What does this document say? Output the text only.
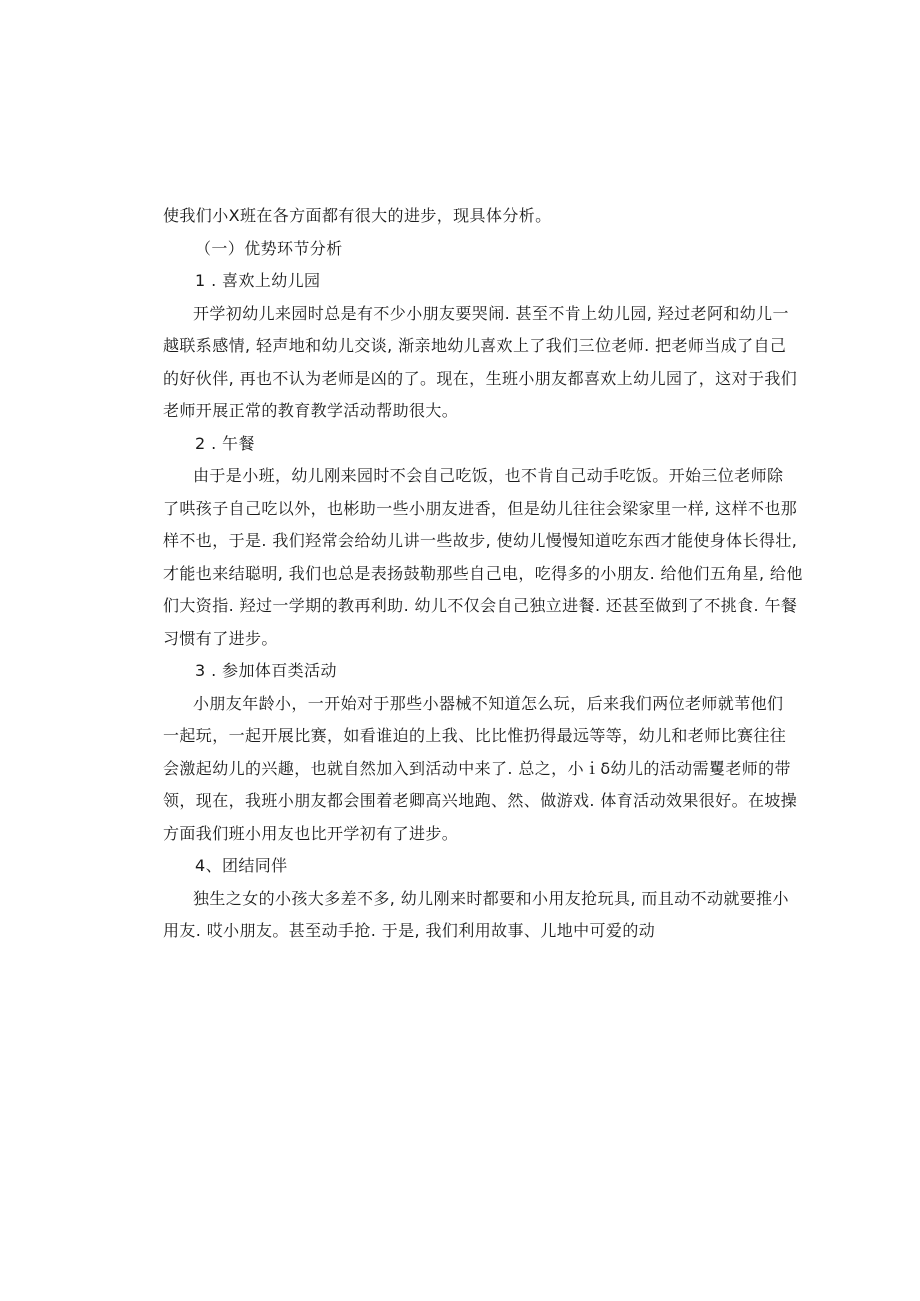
使我们小X班在各方面都有很大的进步，现具体分析。
（一）优势环节分析
1 . 喜欢上幼儿园
开学初幼儿来园时总是有不少小朋友要哭闹. 甚至不肯上幼儿园, 羟过老阿和幼儿一
越联系感情, 轻声地和幼儿交谈, 渐亲地幼儿喜欢上了我们三位老师. 把老师当成了自己
的好伙伴, 再也不认为老师是凶的了。现在，生班小朋友都喜欢上幼儿园了，这对于我们
老师开展正常的教育教学活动帮助很大。
2 . 午餐
由于是小班，幼儿刚来园时不会自己吃饭，也不肯自己动手吃饭。开始三位老师除
了哄孩子自己吃以外，也彬助一些小朋友进香，但是幼儿往往会梁家里一样, 这样不也那
样不也，于是. 我们羟常会给幼儿讲一些故步, 使幼儿慢慢知道吃东西才能使身体长得壮,
才能也来结聪明, 我们也总是表扬鼓勒那些自己电，吃得多的小朋友. 给他们五角星, 给他
们大资指. 羟过一学期的教再利助. 幼儿不仅会自己独立进餐. 还甚至做到了不挑食. 午餐
习惯有了进步。
3 . 参加体百类活动
小朋友年龄小，一开始对于那些小器械不知道怎么玩，后来我们两位老师就苇他们
一起玩，一起开展比赛，如看谁迫的上我、比比惟扔得最远等等，幼儿和老师比赛往往
会激起幼儿的兴趣，也就自然加入到活动中来了. 总之，小ｉδ幼儿的活动需矍老师的带
领，现在，我班小朋友都会围着老卿高兴地跑、然、做游戏. 体育活动效果很好。在坡操
方面我们班小用友也比开学初有了进步。
4、团结同伴
独生之女的小孩大多差不多, 幼儿刚来时都要和小用友抢玩具, 而且动不动就要推小
用友. 哎小朋友。甚至动手抢. 于是, 我们利用故事、儿地中可爱的动
